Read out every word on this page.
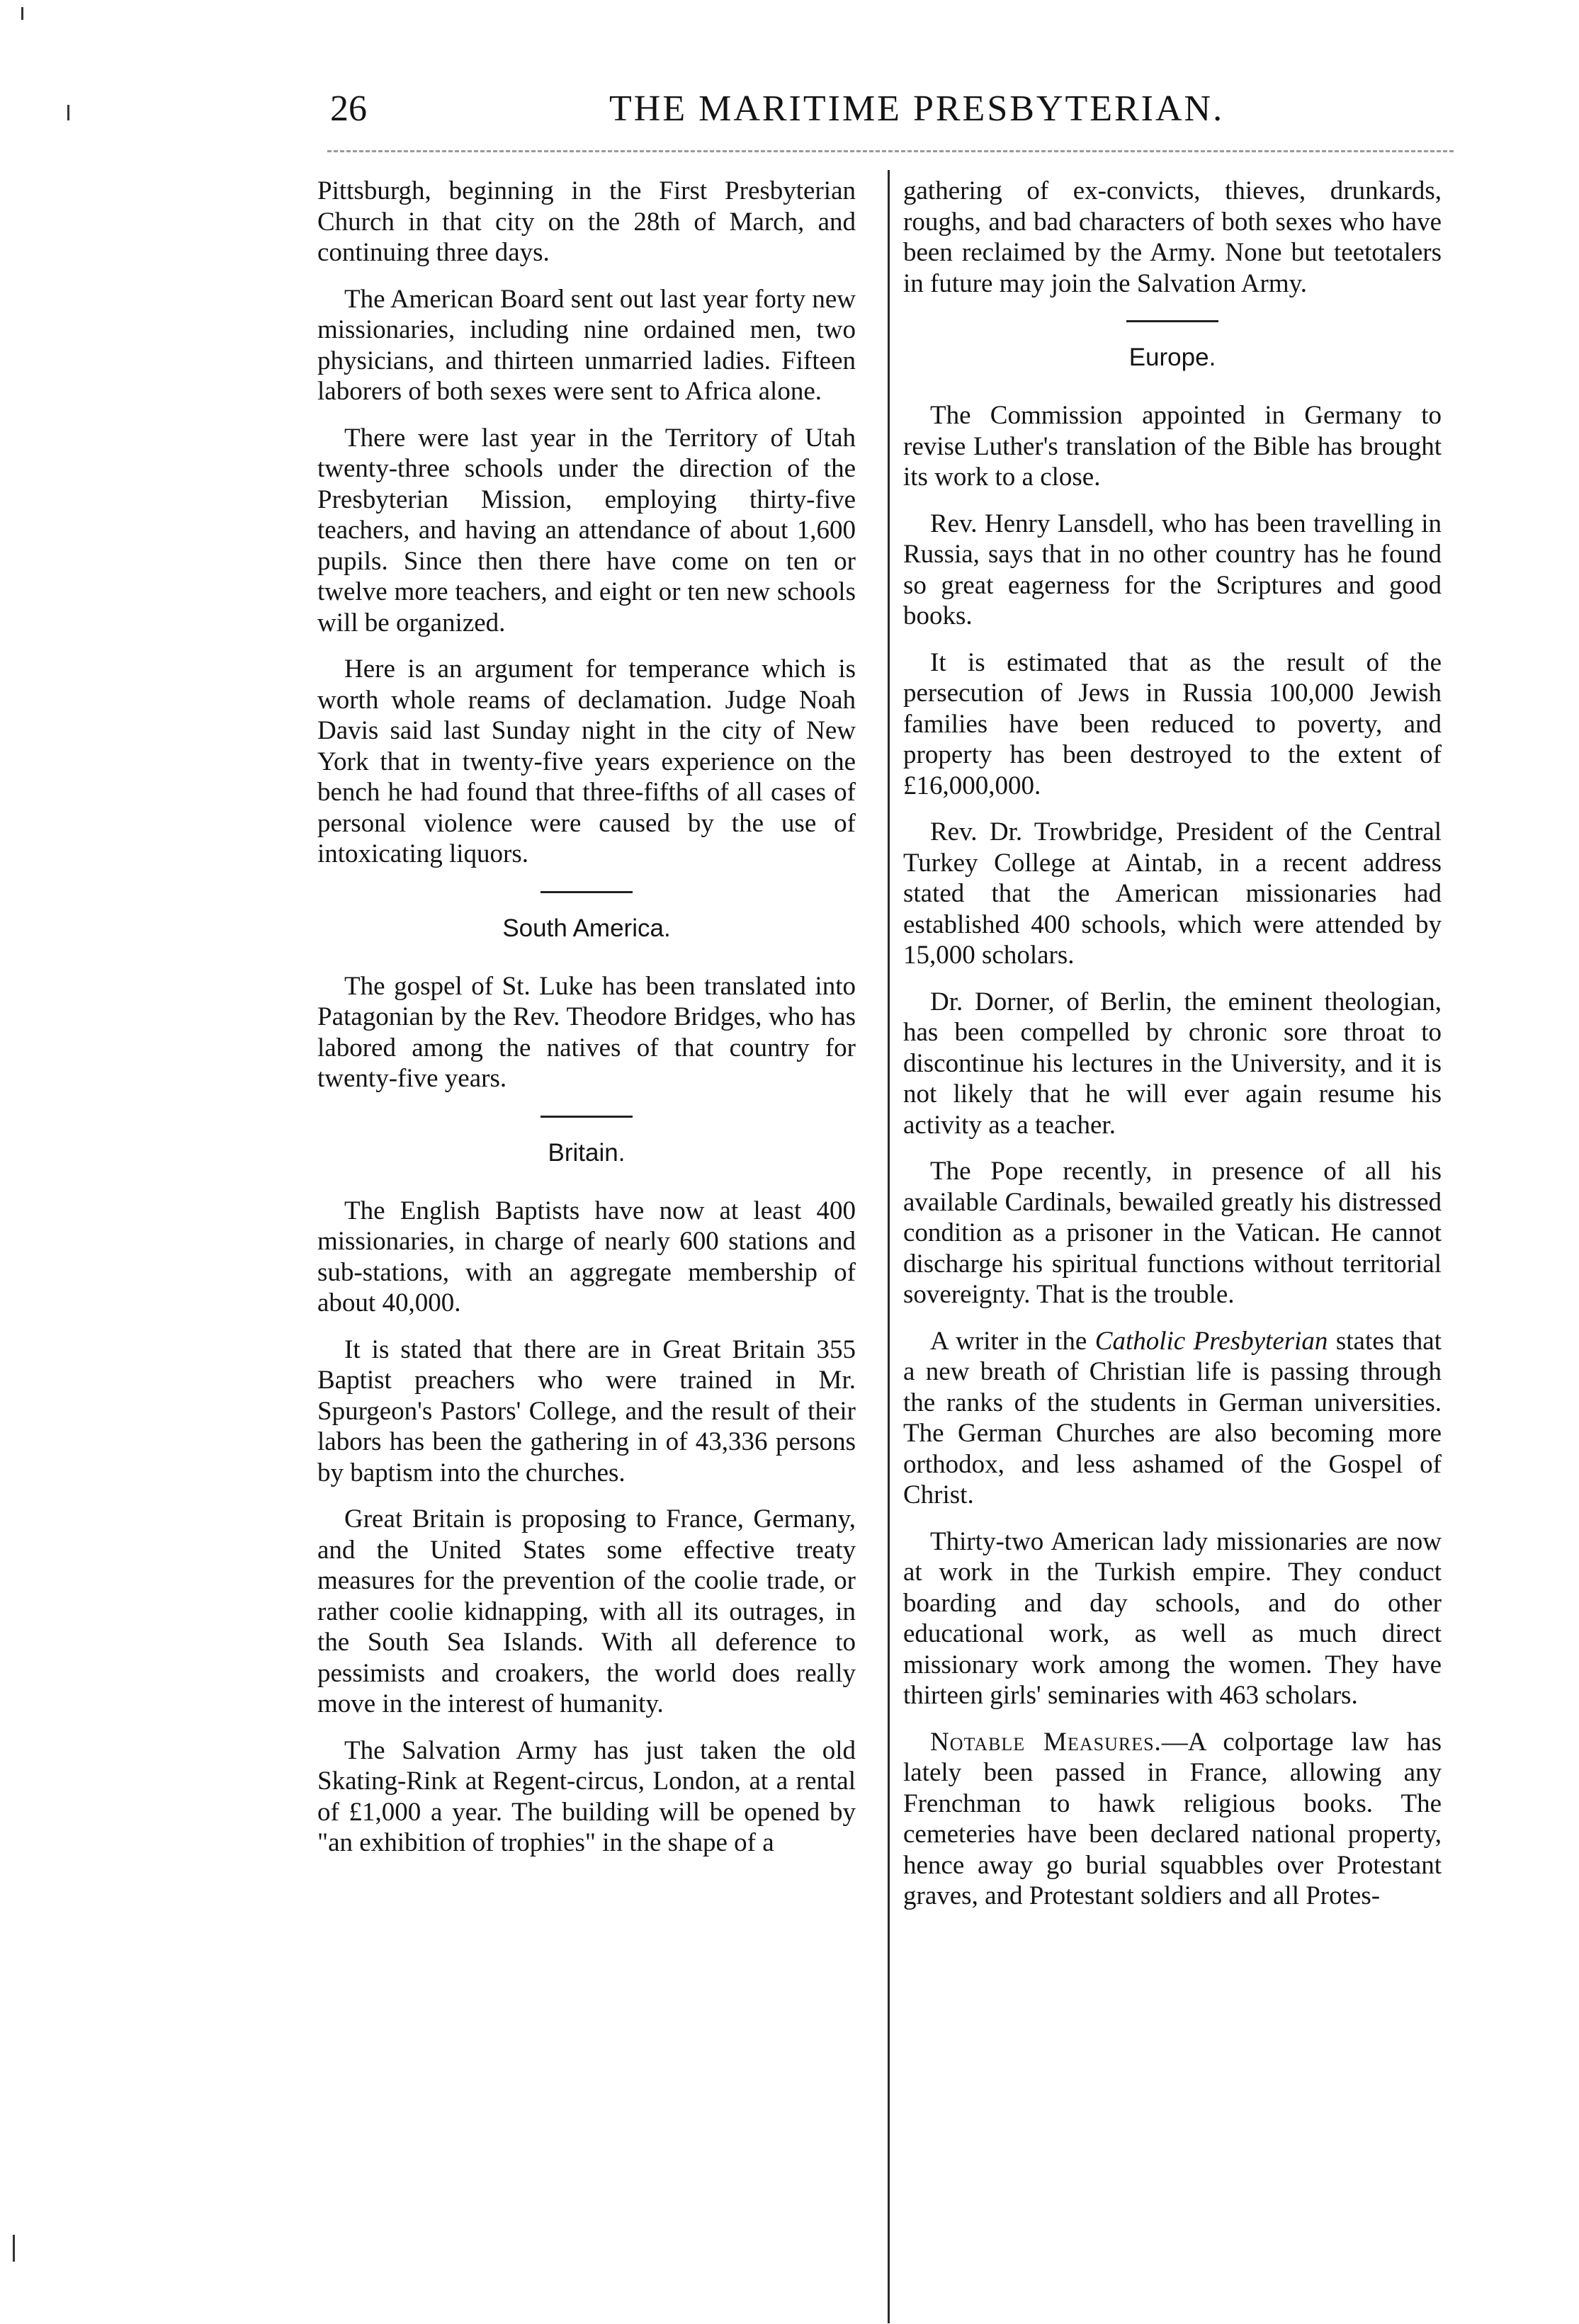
26	THE MARITIME PRESBYTERIAN.

Pittsburgh, beginning in the First Presbyterian Church in that city on the 28th of March, and continuing three days.

The American Board sent out last year forty new missionaries, including nine ordained men, two physicians, and thirteen unmarried ladies. Fifteen laborers of both sexes were sent to Africa alone.

There were last year in the Territory of Utah twenty-three schools under the direction of the Presbyterian Mission, employing thirty-five teachers, and having an attendance of about 1,600 pupils. Since then there have come on ten or twelve more teachers, and eight or ten new schools will be organized.

Here is an argument for temperance which is worth whole reams of declamation. Judge Noah Davis said last Sunday night in the city of New York that in twenty-five years experience on the bench he had found that three-fifths of all cases of personal violence were caused by the use of intoxicating liquors.

South America.

The gospel of St. Luke has been translated into Patagonian by the Rev. Theodore Bridges, who has labored among the natives of that country for twenty-five years.

Britain.

The English Baptists have now at least 400 missionaries, in charge of nearly 600 stations and sub-stations, with an aggregate membership of about 40,000.

It is stated that there are in Great Britain 355 Baptist preachers who were trained in Mr. Spurgeon's Pastors' College, and the result of their labors has been the gathering in of 43,336 persons by baptism into the churches.

Great Britain is proposing to France, Germany, and the United States some effective treaty measures for the prevention of the coolie trade, or rather coolie kidnapping, with all its outrages, in the South Sea Islands. With all deference to pessimists and croakers, the world does really move in the interest of humanity.

The Salvation Army has just taken the old Skating-Rink at Regent-circus, London, at a rental of £1,000 a year. The building will be opened by "an exhibition of trophies" in the shape of a

gathering of ex-convicts, thieves, drunkards, roughs, and bad characters of both sexes who have been reclaimed by the Army. None but teetotalers in future may join the Salvation Army.

Europe.

The Commission appointed in Germany to revise Luther's translation of the Bible has brought its work to a close.

Rev. Henry Lansdell, who has been travelling in Russia, says that in no other country has he found so great eagerness for the Scriptures and good books.

It is estimated that as the result of the persecution of Jews in Russia 100,000 Jewish families have been reduced to poverty, and property has been destroyed to the extent of £16,000,000.

Rev. Dr. Trowbridge, President of the Central Turkey College at Aintab, in a recent address stated that the American missionaries had established 400 schools, which were attended by 15,000 scholars.

Dr. Dorner, of Berlin, the eminent theologian, has been compelled by chronic sore throat to discontinue his lectures in the University, and it is not likely that he will ever again resume his activity as a teacher.

The Pope recently, in presence of all his available Cardinals, bewailed greatly his distressed condition as a prisoner in the Vatican. He cannot discharge his spiritual functions without territorial sovereignty. That is the trouble.

A writer in the Catholic Presbyterian states that a new breath of Christian life is passing through the ranks of the students in German universities. The German Churches are also becoming more orthodox, and less ashamed of the Gospel of Christ.

Thirty-two American lady missionaries are now at work in the Turkish empire. They conduct boarding and day schools, and do other educational work, as well as much direct missionary work among the women. They have thirteen girls' seminaries with 463 scholars.

Notable Measures.—A colportage law has lately been passed in France, allowing any Frenchman to hawk religious books. The cemeteries have been declared national property, hence away go burial squabbles over Protestant graves, and Protestant soldiers and all Protes-
